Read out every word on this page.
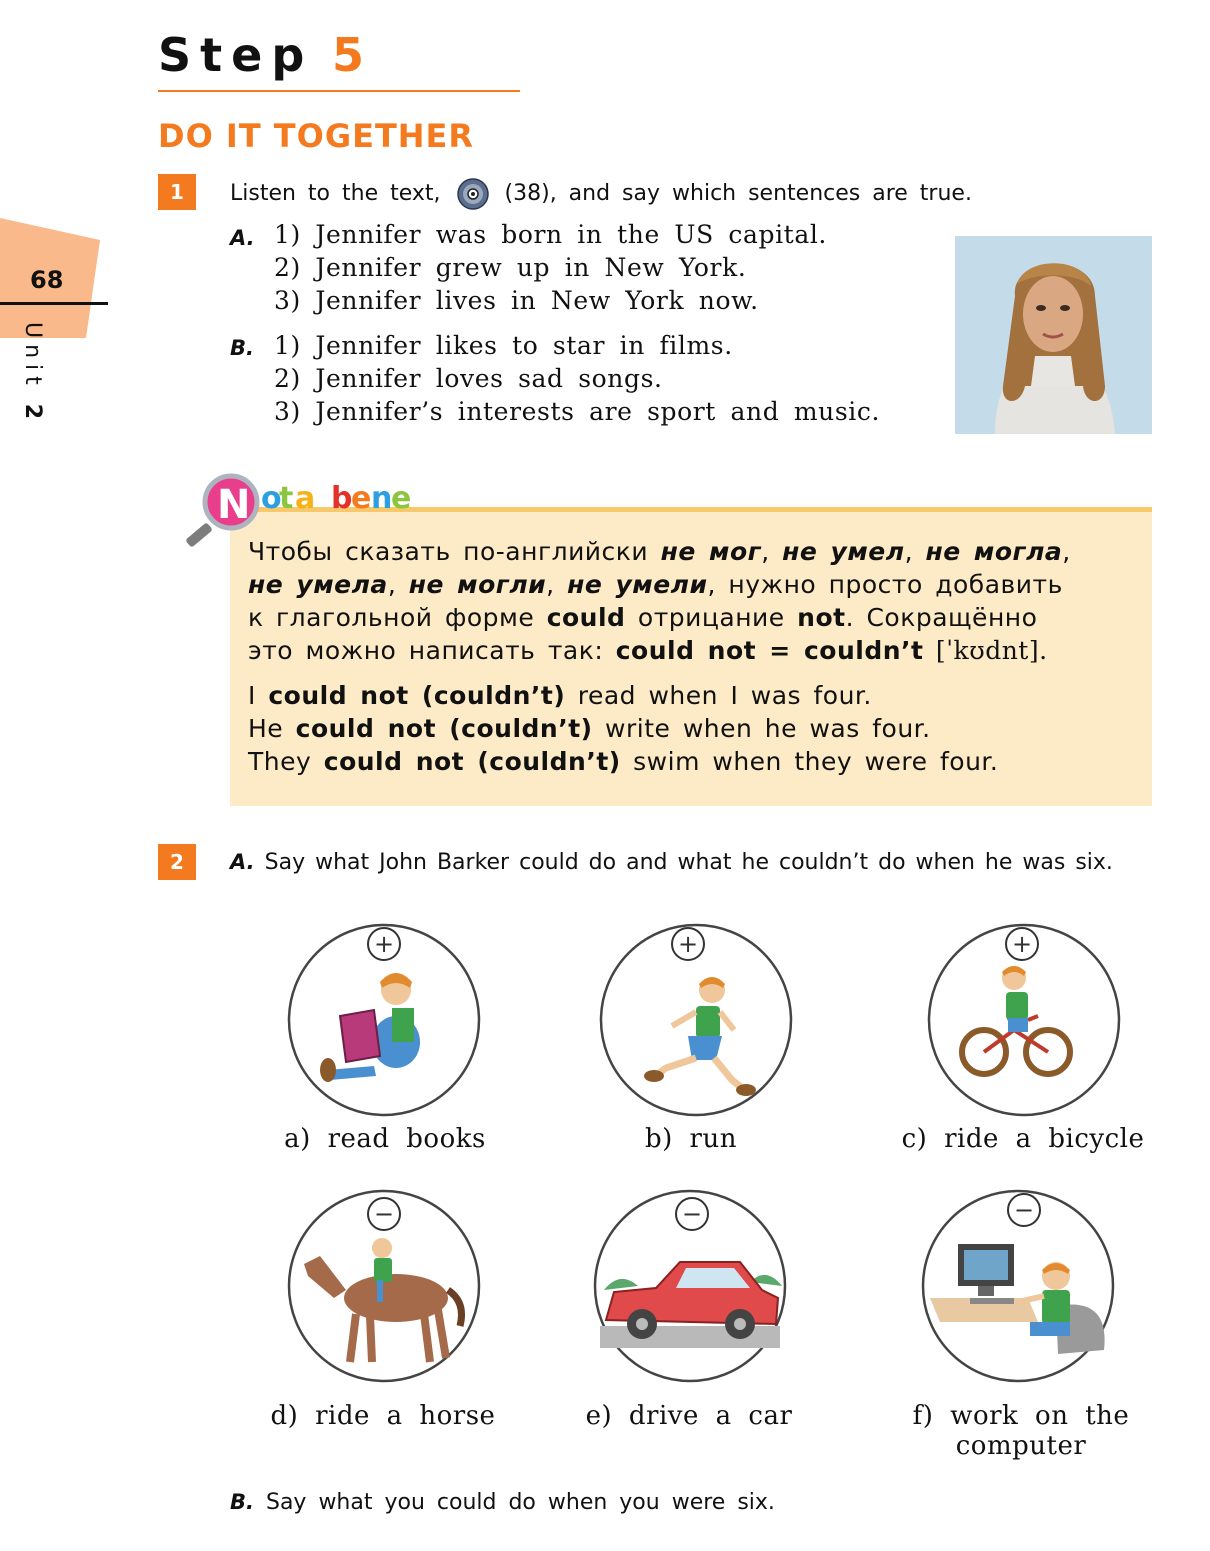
68
Unit 2
Step 5
DO IT TOGETHER
1	Listen to the text,	(38), and say which sentences are true.
A. 1) Jennifer was born in the US capital.
2) Jennifer grew up in New York.
3) Jennifer lives in New York now.
B. 1) Jennifer likes to star in films.
2) Jennifer loves sad songs.
3) Jennifer’s interests are sport and music.
N o
t a b
e n
e
Чтобы сказать по-английски не мог, не умел, не могла,
не умела, не могли, не умели, нужно просто добавить
к глагольной форме could отрицание not. Сокращённо
это можно написать так: could not = couldn’t [ˈkʊdnt].
I could not (couldn’t) read when I was four.
He could not (couldn’t) write when he was four.
They could not (couldn’t) swim when they were four.
2	A. Say what John Barker could do and what he couldn’t do when he was six.
+
a) read books
+
b) run
+
c) ride a bicycle
−
d) ride a horse
−
e) drive a car
−
f) work on the
computer
B. Say what you could do when you were six.
